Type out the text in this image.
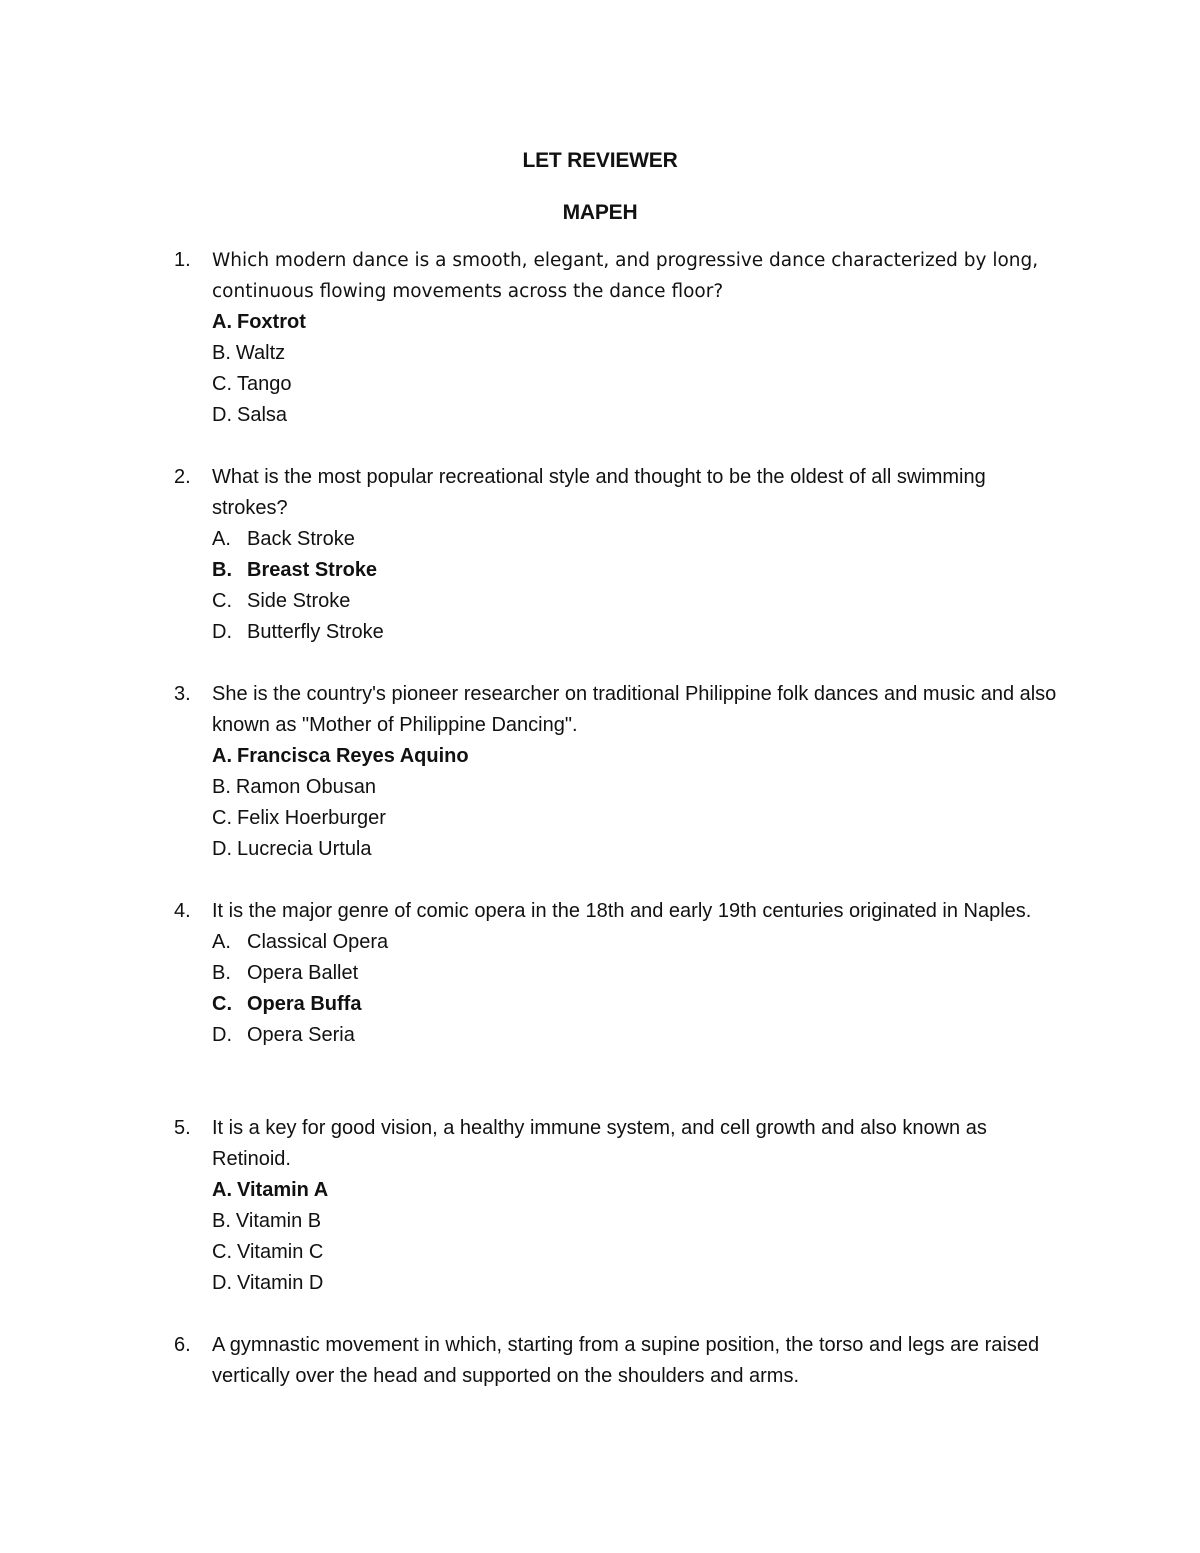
LET REVIEWER
MAPEH
1.	Which modern dance is a smooth, elegant, and progressive dance characterized by long, continuous flowing movements across the dance floor?
A. Foxtrot
B. Waltz
C. Tango
D. Salsa
2.	What is the most popular recreational style and thought to be the oldest of all swimming strokes?
A. Back Stroke
B. Breast Stroke
C. Side Stroke
D. Butterfly Stroke
3.	She is the country's pioneer researcher on traditional Philippine folk dances and music and also known as "Mother of Philippine Dancing".
A. Francisca Reyes Aquino
B. Ramon Obusan
C. Felix Hoerburger
D. Lucrecia Urtula
4.	It is the major genre of comic opera in the 18th and early 19th centuries originated in Naples.
A. Classical Opera
B. Opera Ballet
C. Opera Buffa
D. Opera Seria
5.	It is a key for good vision, a healthy immune system, and cell growth and also known as Retinoid.
A. Vitamin A
B. Vitamin B
C. Vitamin C
D. Vitamin D
6.	A gymnastic movement in which, starting from a supine position, the torso and legs are raised vertically over the head and supported on the shoulders and arms.
